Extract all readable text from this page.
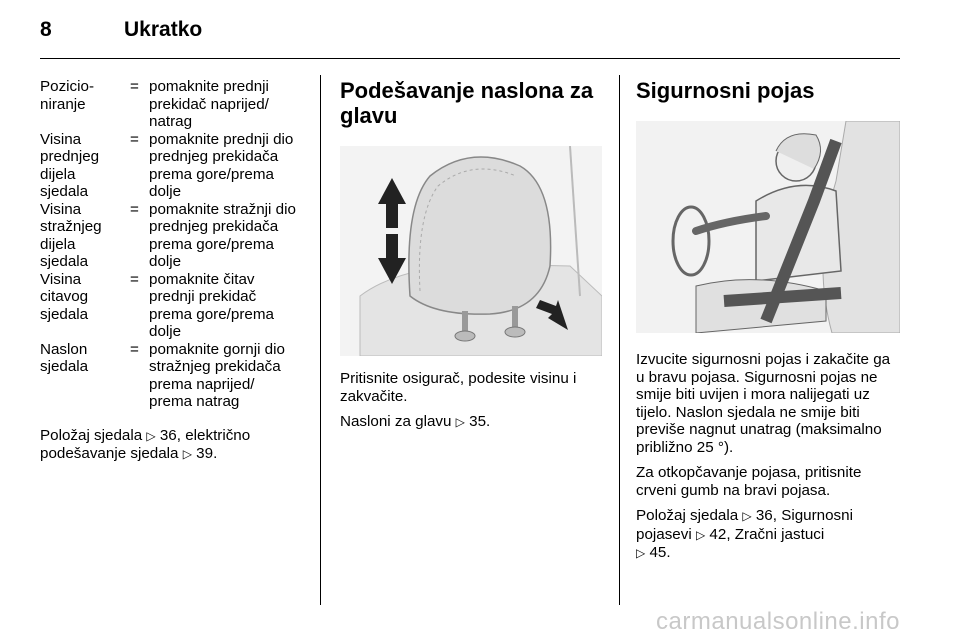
8	Ukratko
Pozicio-
niranje	=	pomaknite prednji
prekidač naprijed/
natrag
Visina
prednjeg
dijela
sjedala	=	pomaknite prednji dio
prednjeg prekidača
prema gore/prema
dolje
Visina
stražnjeg
dijela
sjedala	=	pomaknite stražnji dio
prednjeg prekidača
prema gore/prema
dolje
Visina
citavog
sjedala	=	pomaknite čitav
prednji prekidač
prema gore/prema
dolje
Naslon
sjedala	=	pomaknite gornji dio
stražnjeg prekidača
prema naprijed/
prema natrag
Položaj sjedala ▷ 36, električno
podešavanje sjedala ▷ 39.
Podešavanje naslona za glavu
Pritisnite osigurač, podesite visinu i zakvačite.
Nasloni za glavu ▷ 35.
Sigurnosni pojas
Izvucite sigurnosni pojas i zakačite ga u bravu pojasa. Sigurnosni pojas ne smije biti uvijen i mora nalijegati uz tijelo. Naslon sjedala ne smije biti previše nagnut unatrag (maksimalno približno 25 °).
Za otkopčavanje pojasa, pritisnite crveni gumb na bravi pojasa.
Položaj sjedala ▷ 36, Sigurnosni pojasevi ▷ 42, Zračni jastuci
▷ 45.
carmanualsonline.info
